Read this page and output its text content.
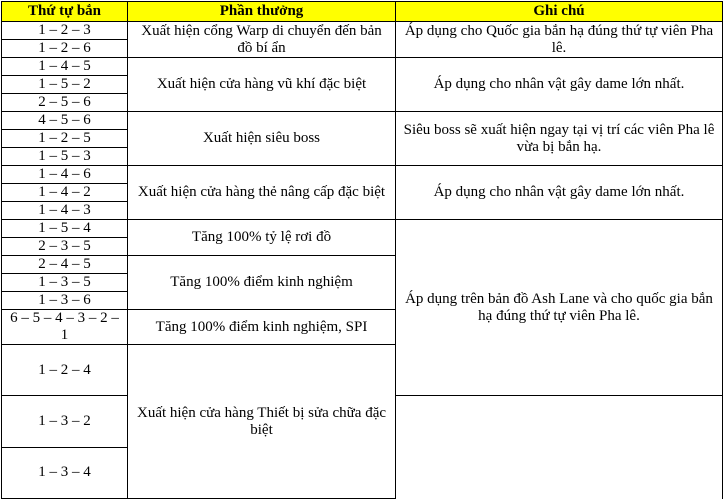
Thứ tự bắn	Phần thưởng	Ghi chú	
1 – 2 – 3	Xuất hiện cổng Warp di chuyển đến bản đồ bí ẩn	Áp dụng cho Quốc gia bắn hạ đúng thứ tự viên Pha lê.	
1 – 2 – 6			
1 – 4 – 5	Xuất hiện cửa hàng vũ khí đặc biệt	Áp dụng cho nhân vật gây dame lớn nhất.	
1 – 5 – 2			
2 – 5 – 6			
4 – 5 – 6	Xuất hiện siêu boss	Siêu boss sẽ xuất hiện ngay tại vị trí các viên Pha lê vừa bị bắn hạ.	
1 – 2 – 5			
1 – 5 – 3			
1 – 4 – 6	Xuất hiện cửa hàng thẻ nâng cấp đặc biệt	Áp dụng cho nhân vật gây dame lớn nhất.	
1 – 4 – 2			
1 – 4 – 3			
1 – 5 – 4	Tăng 100% tỷ lệ rơi đồ	Áp dụng trên bản đồ Ash Lane và cho quốc gia bắn hạ đúng thứ tự viên Pha lê.	
2 – 3 – 5			
2 – 4 – 5	Tăng 100% điểm kinh nghiệm		
1 – 3 – 5			
1 – 3 – 6			
6 – 5 – 4 – 3 – 2 – 1	Tăng 100% điểm kinh nghiệm, SPI		
1 – 2 – 4	Xuất hiện cửa hàng Thiết bị sửa chữa đặc biệt	
1 – 3 – 2			
1 – 3 – 4			
